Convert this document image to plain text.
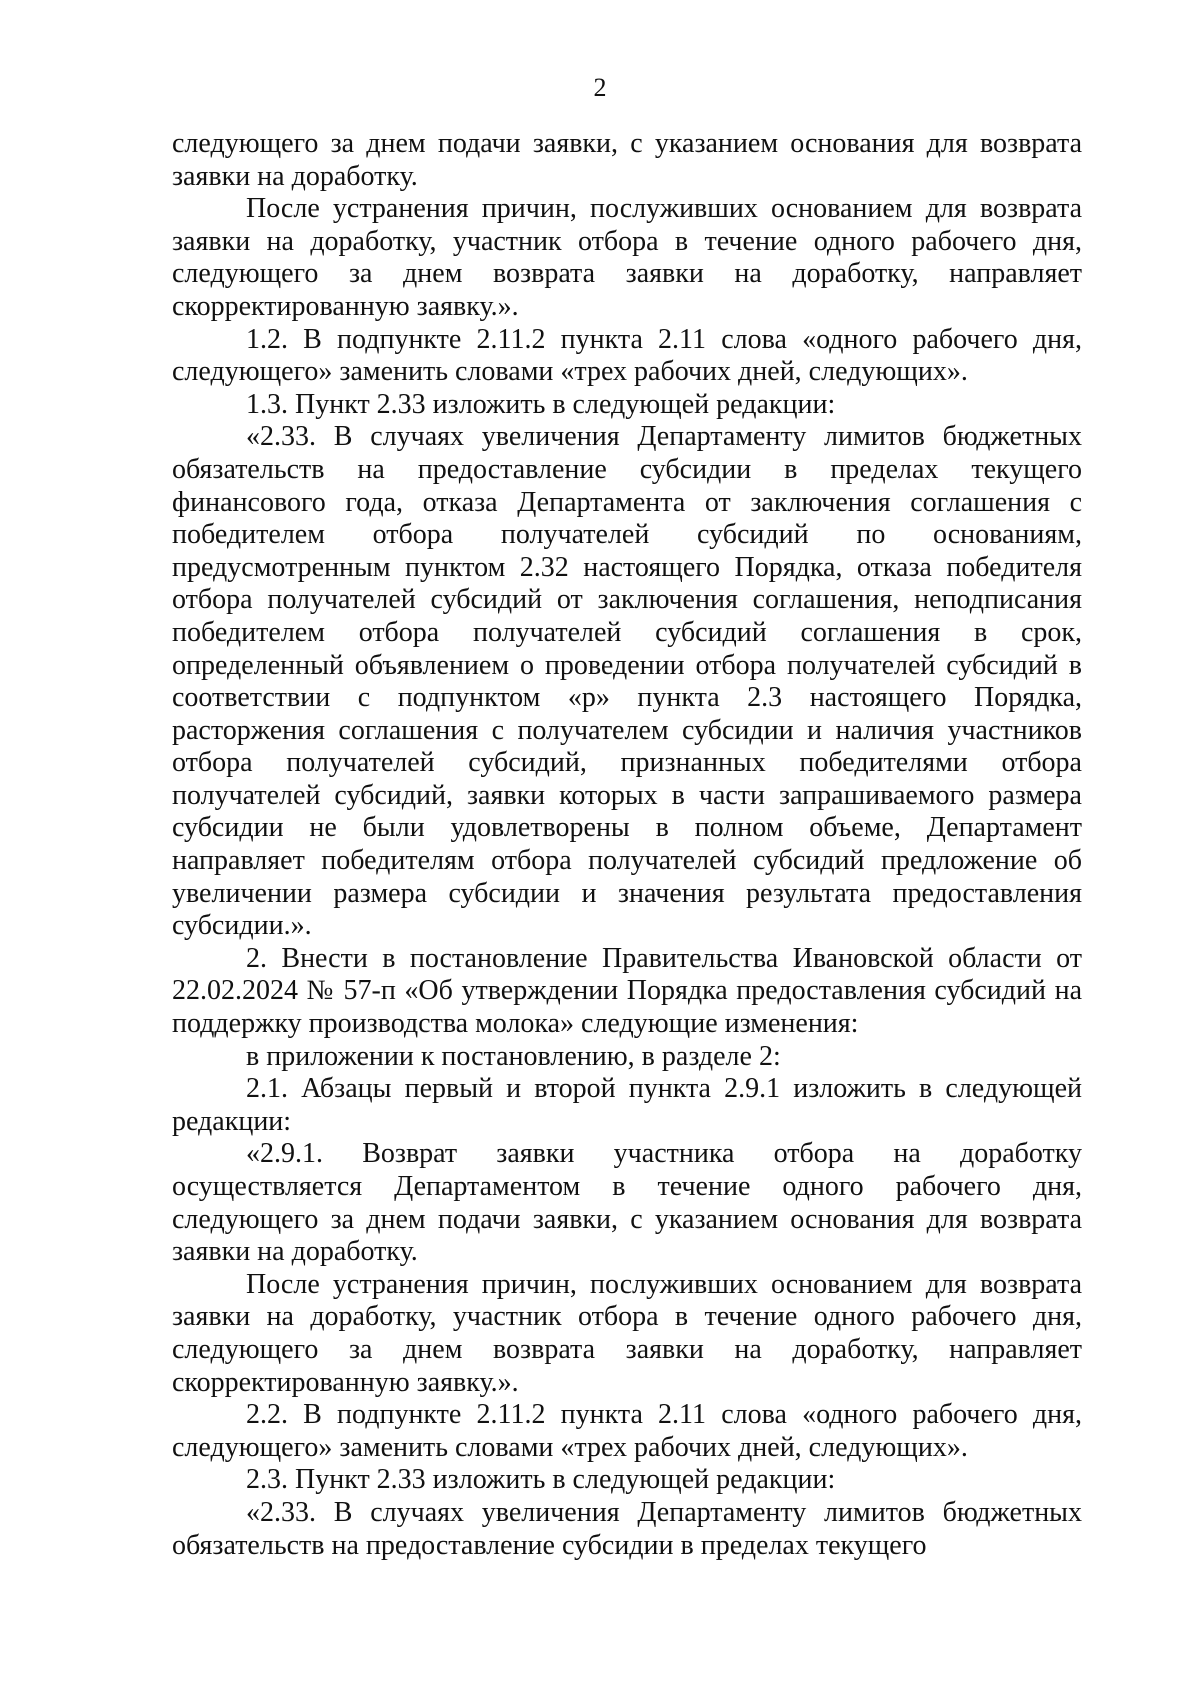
2

следующего за днем подачи заявки, с указанием основания для возврата заявки на доработку.

После устранения причин, послуживших основанием для возврата заявки на доработку, участник отбора в течение одного рабочего дня, следующего за днем возврата заявки на доработку, направляет скорректированную заявку.».

1.2. В подпункте 2.11.2 пункта 2.11 слова «одного рабочего дня, следующего» заменить словами «трех рабочих дней, следующих».

1.3. Пункт 2.33 изложить в следующей редакции:

«2.33. В случаях увеличения Департаменту лимитов бюджетных обязательств на предоставление субсидии в пределах текущего финансового года, отказа Департамента от заключения соглашения с победителем отбора получателей субсидий по основаниям, предусмотренным пунктом 2.32 настоящего Порядка, отказа победителя отбора получателей субсидий от заключения соглашения, неподписания победителем отбора получателей субсидий соглашения в срок, определенный объявлением о проведении отбора получателей субсидий в соответствии с подпунктом «р» пункта 2.3 настоящего Порядка, расторжения соглашения с получателем субсидии и наличия участников отбора получателей субсидий, признанных победителями отбора получателей субсидий, заявки которых в части запрашиваемого размера субсидии не были удовлетворены в полном объеме, Департамент направляет победителям отбора получателей субсидий предложение об увеличении размера субсидии и значения результата предоставления субсидии.».

2. Внести в постановление Правительства Ивановской области от 22.02.2024 № 57-п «Об утверждении Порядка предоставления субсидий на поддержку производства молока» следующие изменения:

в приложении к постановлению, в разделе 2:

2.1. Абзацы первый и второй пункта 2.9.1 изложить в следующей редакции:

«2.9.1. Возврат заявки участника отбора на доработку осуществляется Департаментом в течение одного рабочего дня, следующего за днем подачи заявки, с указанием основания для возврата заявки на доработку.

После устранения причин, послуживших основанием для возврата заявки на доработку, участник отбора в течение одного рабочего дня, следующего за днем возврата заявки на доработку, направляет скорректированную заявку.».

2.2. В подпункте 2.11.2 пункта 2.11 слова «одного рабочего дня, следующего» заменить словами «трех рабочих дней, следующих».

2.3. Пункт 2.33 изложить в следующей редакции:

«2.33. В случаях увеличения Департаменту лимитов бюджетных обязательств на предоставление субсидии в пределах текущего
